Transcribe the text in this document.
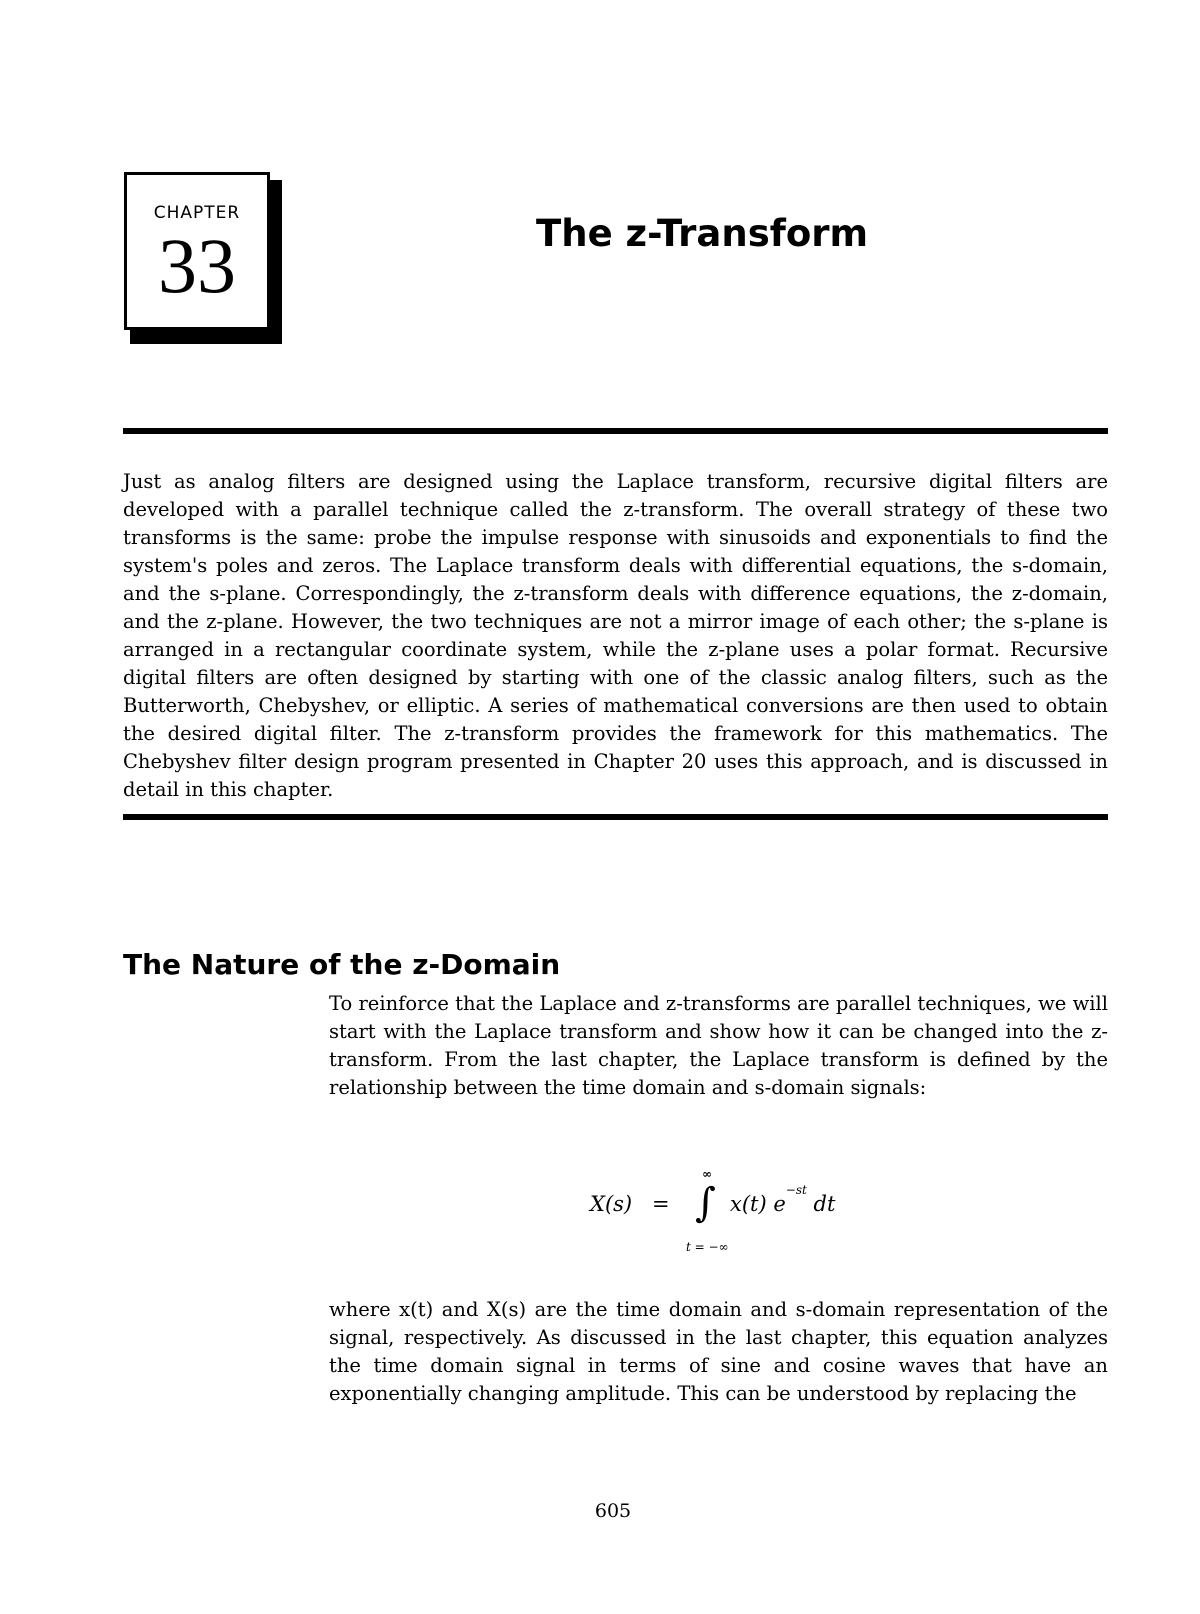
CHAPTER
33	The z-Transform

Just as analog filters are designed using the Laplace transform, recursive digital filters are developed with a parallel technique called the z-transform. The overall strategy of these two transforms is the same: probe the impulse response with sinusoids and exponentials to find the system's poles and zeros. The Laplace transform deals with differential equations, the s-domain, and the s-plane. Correspondingly, the z-transform deals with difference equations, the z-domain, and the z-plane. However, the two techniques are not a mirror image of each other; the s-plane is arranged in a rectangular coordinate system, while the z-plane uses a polar format. Recursive digital filters are often designed by starting with one of the classic analog filters, such as the Butterworth, Chebyshev, or elliptic. A series of mathematical conversions are then used to obtain the desired digital filter. The z-transform provides the framework for this mathematics. The Chebyshev filter design program presented in Chapter 20 uses this approach, and is discussed in detail in this chapter.

The Nature of the z-Domain

To reinforce that the Laplace and z-transforms are parallel techniques, we will start with the Laplace transform and show how it can be changed into the z-transform. From the last chapter, the Laplace transform is defined by the relationship between the time domain and s-domain signals:

X(s) =
∞
∫
t = −∞
x(t) $e^{-st}$ dt

where x(t) and X(s) are the time domain and s-domain representation of the signal, respectively. As discussed in the last chapter, this equation analyzes the time domain signal in terms of sine and cosine waves that have an exponentially changing amplitude. This can be understood by replacing the

605
